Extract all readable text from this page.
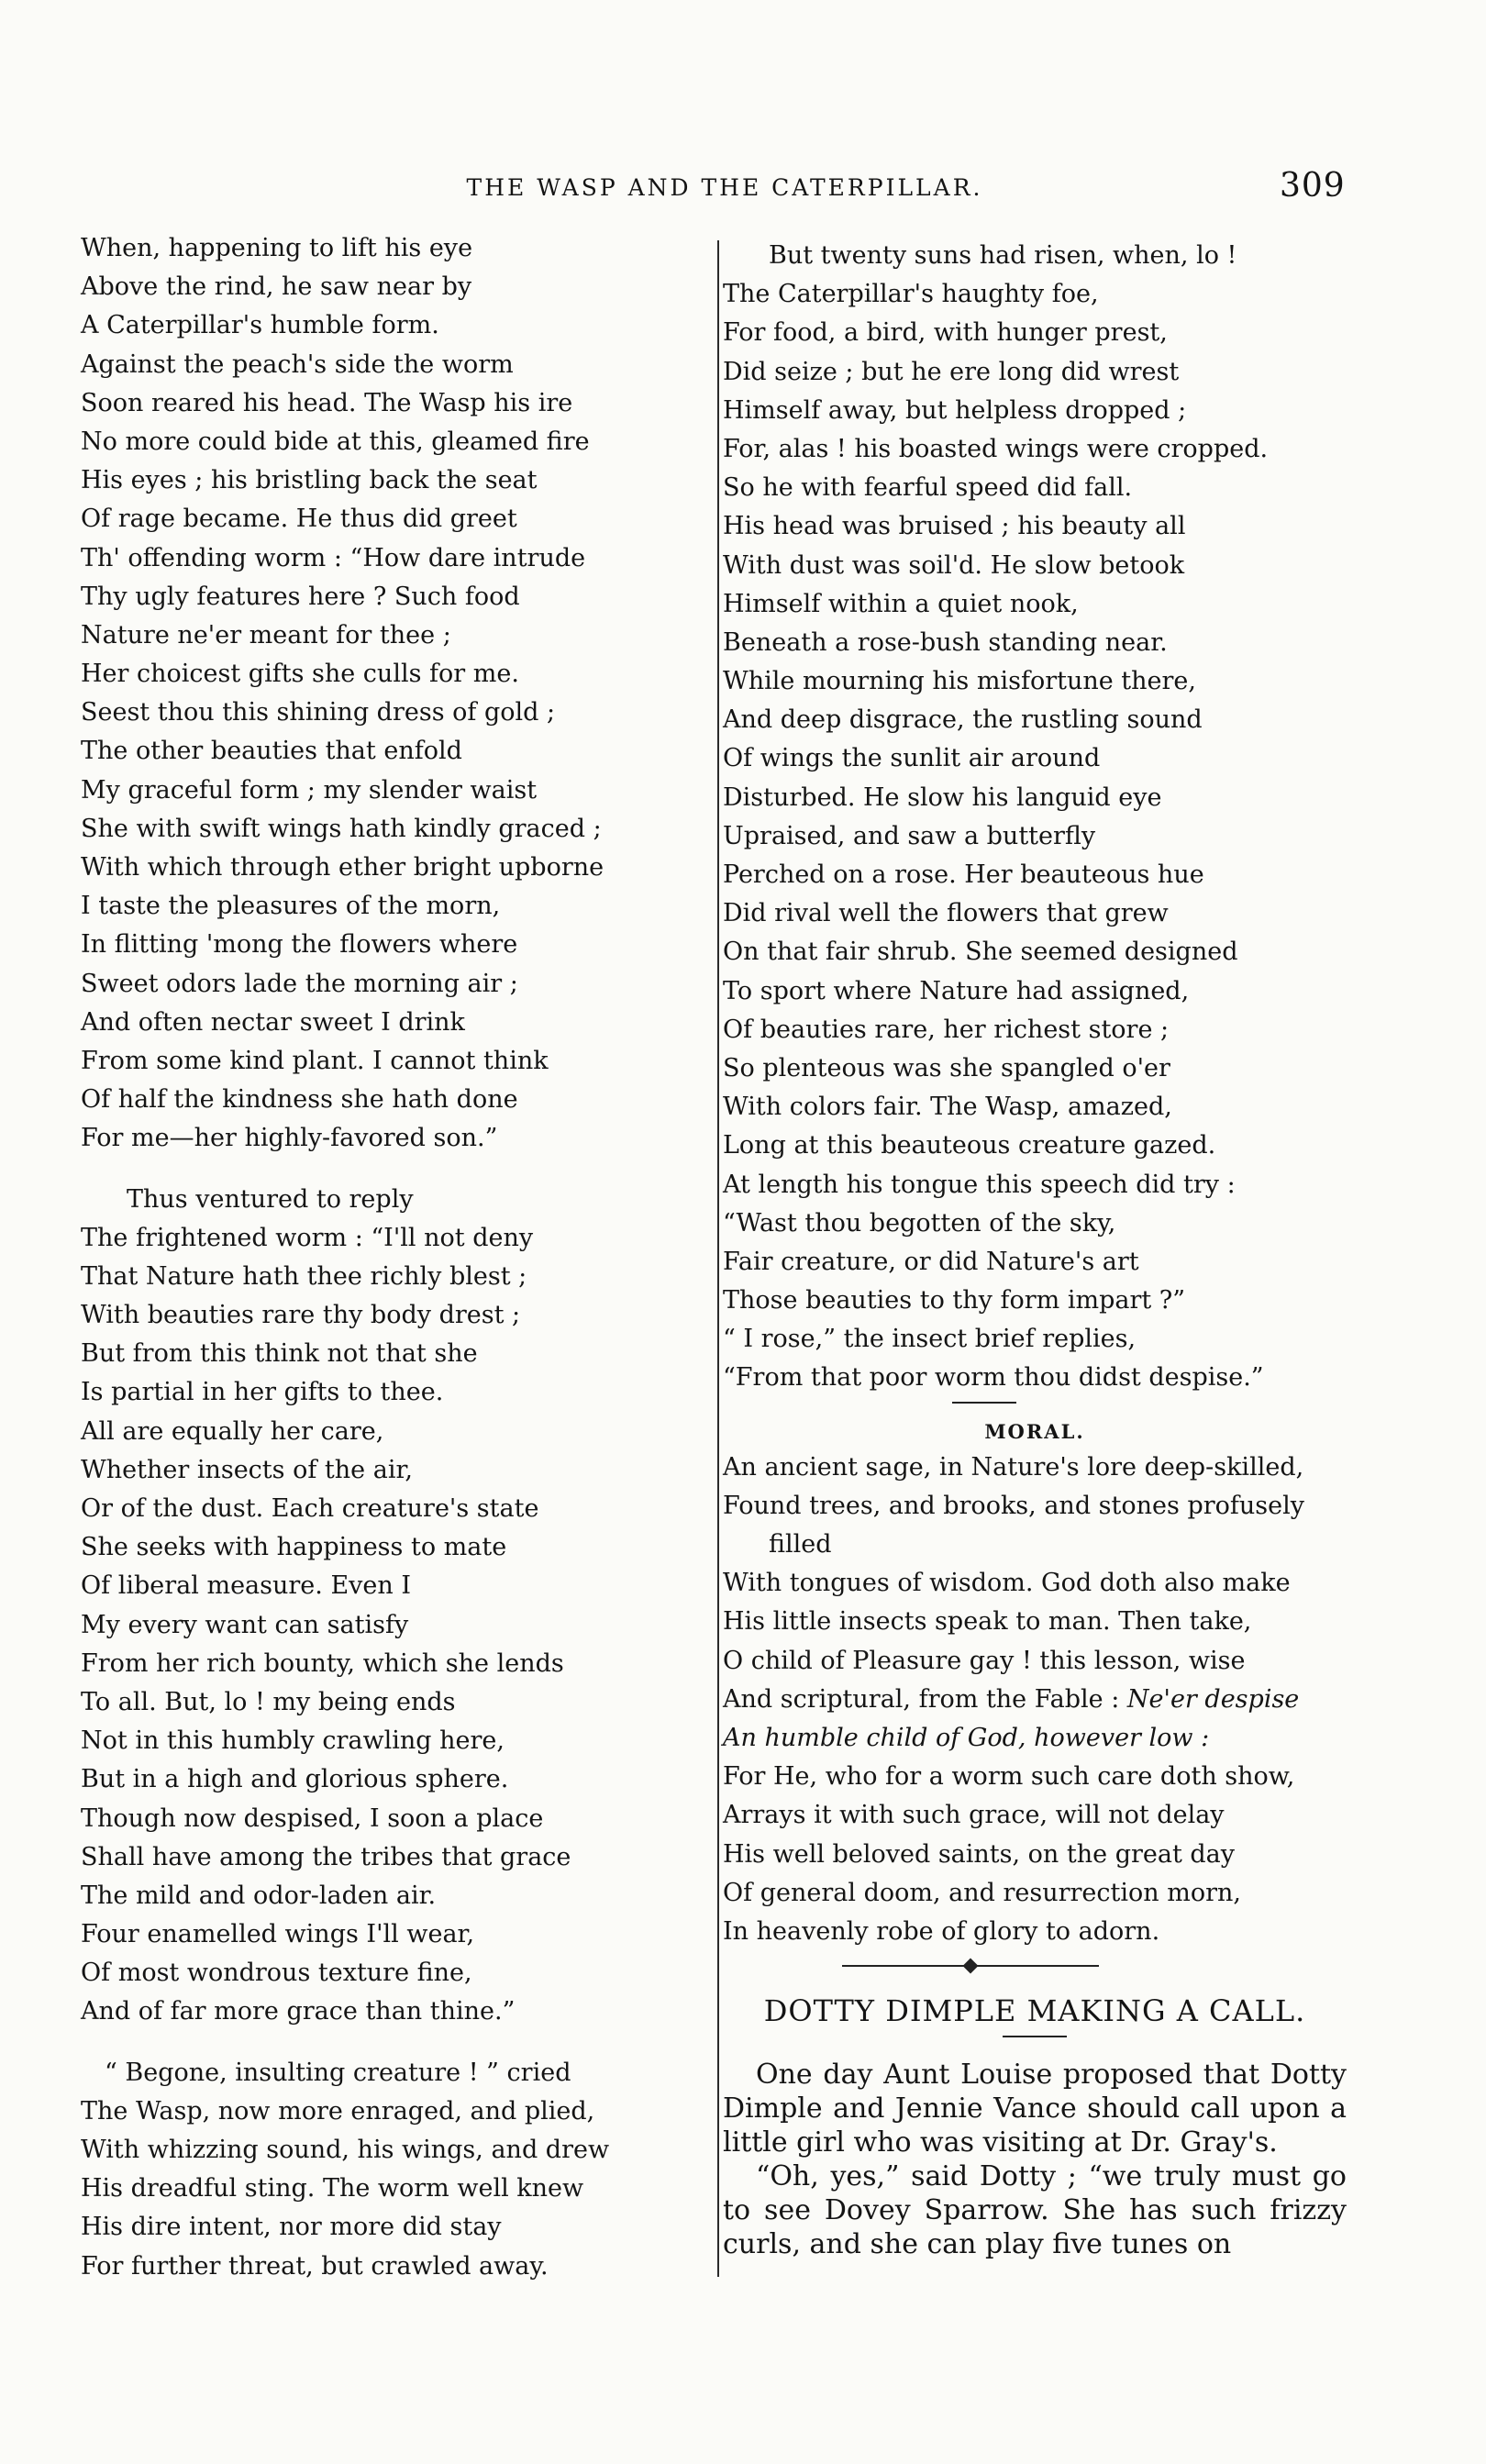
THE WASP AND THE CATERPILLAR.	309
When, happening to lift his eye
Above the rind, he saw near by
A Caterpillar's humble form.
Against the peach's side the worm
Soon reared his head. The Wasp his ire
No more could bide at this, gleamed fire
His eyes ; his bristling back the seat
Of rage became. He thus did greet
Th' offending worm : “How dare intrude
Thy ugly features here ? Such food
Nature ne'er meant for thee ;
Her choicest gifts she culls for me.
Seest thou this shining dress of gold ;
The other beauties that enfold
My graceful form ; my slender waist
She with swift wings hath kindly graced ;
With which through ether bright upborne
I taste the pleasures of the morn,
In flitting 'mong the flowers where
Sweet odors lade the morning air ;
And often nectar sweet I drink
From some kind plant. I cannot think
Of half the kindness she hath done
For me—her highly-favored son.”
Thus ventured to reply
The frightened worm : “I'll not deny
That Nature hath thee richly blest ;
With beauties rare thy body drest ;
But from this think not that she
Is partial in her gifts to thee.
All are equally her care,
Whether insects of the air,
Or of the dust. Each creature's state
She seeks with happiness to mate
Of liberal measure. Even I
My every want can satisfy
From her rich bounty, which she lends
To all. But, lo ! my being ends
Not in this humbly crawling here,
But in a high and glorious sphere.
Though now despised, I soon a place
Shall have among the tribes that grace
The mild and odor-laden air.
Four enamelled wings I'll wear,
Of most wondrous texture fine,
And of far more grace than thine.”
“ Begone, insulting creature ! ” cried
The Wasp, now more enraged, and plied,
With whizzing sound, his wings, and drew
His dreadful sting. The worm well knew
His dire intent, nor more did stay
For further threat, but crawled away.
But twenty suns had risen, when, lo !
The Caterpillar's haughty foe,
For food, a bird, with hunger prest,
Did seize ; but he ere long did wrest
Himself away, but helpless dropped ;
For, alas ! his boasted wings were cropped.
So he with fearful speed did fall.
His head was bruised ; his beauty all
With dust was soil'd. He slow betook
Himself within a quiet nook,
Beneath a rose-bush standing near.
While mourning his misfortune there,
And deep disgrace, the rustling sound
Of wings the sunlit air around
Disturbed. He slow his languid eye
Upraised, and saw a butterfly
Perched on a rose. Her beauteous hue
Did rival well the flowers that grew
On that fair shrub. She seemed designed
To sport where Nature had assigned,
Of beauties rare, her richest store ;
So plenteous was she spangled o'er
With colors fair. The Wasp, amazed,
Long at this beauteous creature gazed.
At length his tongue this speech did try :
“Wast thou begotten of the sky,
Fair creature, or did Nature's art
Those beauties to thy form impart ?”
“ I rose,” the insect brief replies,
“From that poor worm thou didst despise.”
MORAL.
An ancient sage, in Nature's lore deep-skilled,
Found trees, and brooks, and stones profusely
filled
With tongues of wisdom. God doth also make
His little insects speak to man. Then take,
O child of Pleasure gay ! this lesson, wise
And scriptural, from the Fable : Ne'er despise
An humble child of God, however low :
For He, who for a worm such care doth show,
Arrays it with such grace, will not delay
His well beloved saints, on the great day
Of general doom, and resurrection morn,
In heavenly robe of glory to adorn.
DOTTY DIMPLE MAKING A CALL.

One day Aunt Louise proposed that Dotty Dimple and Jennie Vance should call upon a little girl who was visiting at Dr. Gray's.

“Oh, yes,” said Dotty ; “we truly must go to see Dovey Sparrow. She has such frizzy curls, and she can play five tunes on
